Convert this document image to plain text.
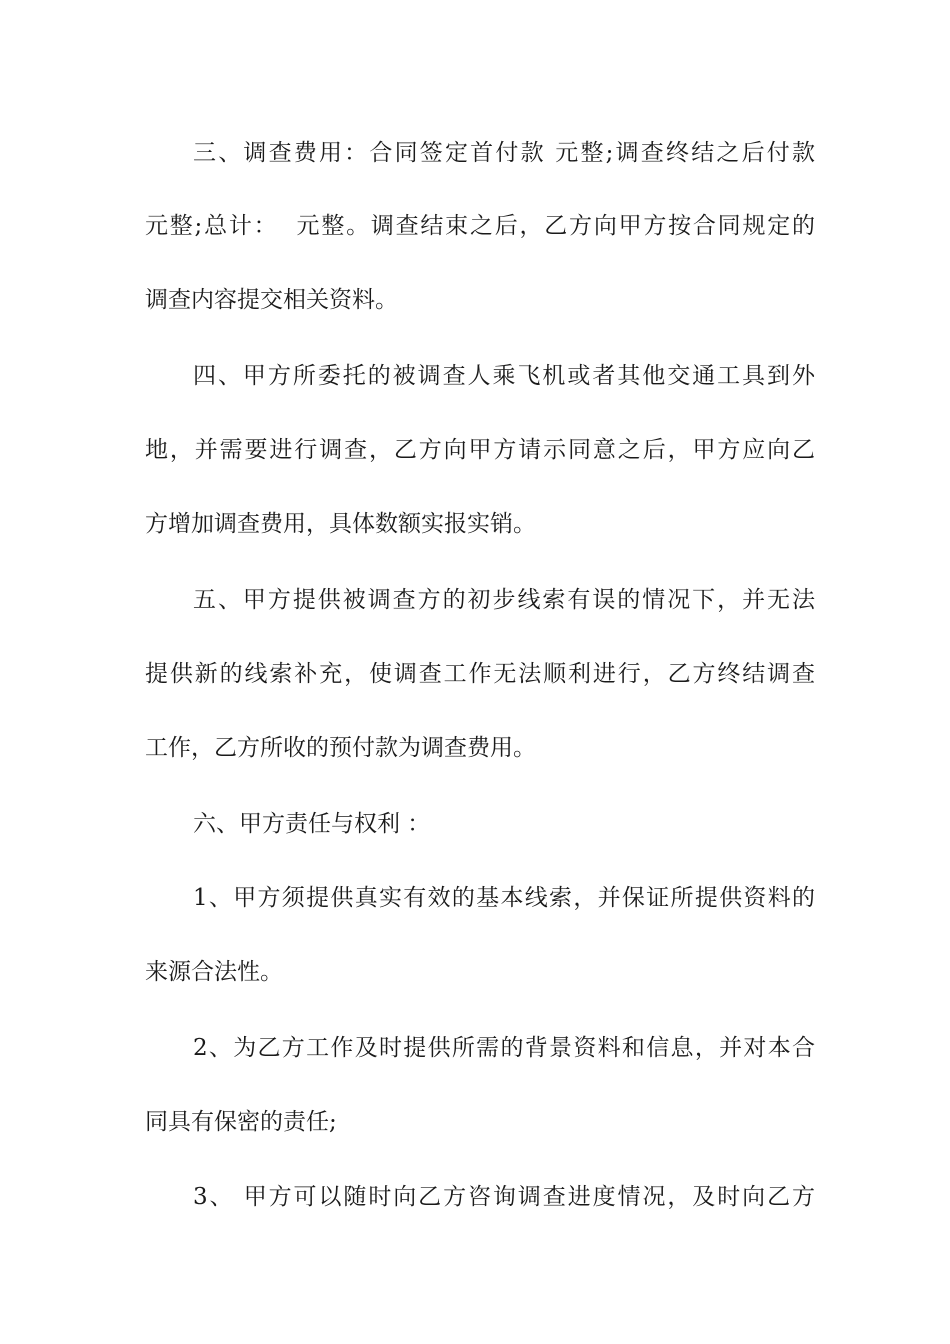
三、调查费用：合同签定首付款 元整;调查终结之后付款
元整;总计：  元整。调查结束之后，乙方向甲方按合同规定的
调查内容提交相关资料。
四、甲方所委托的被调查人乘飞机或者其他交通工具到外
地，并需要进行调查，乙方向甲方请示同意之后，甲方应向乙
方增加调查费用，具体数额实报实销。
五、甲方提供被调查方的初步线索有误的情况下，并无法
提供新的线索补充，使调查工作无法顺利进行，乙方终结调查
工作，乙方所收的预付款为调查费用。
六、甲方责任与权利 ：
1、甲方须提供真实有效的基本线索，并保证所提供资料的
来源合法性。
2、为乙方工作及时提供所需的背景资料和信息，并对本合
同具有保密的责任;
3、 甲方可以随时向乙方咨询调查进度情况，及时向乙方
